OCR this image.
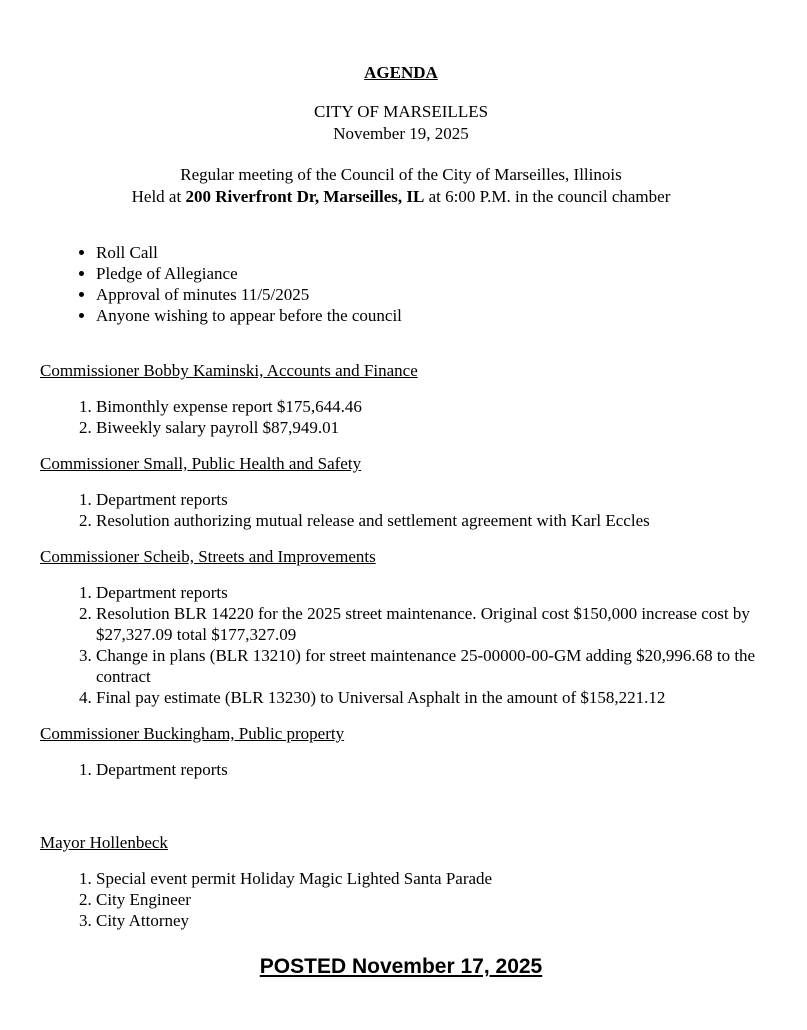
AGENDA

CITY OF MARSEILLES

November 19, 2025

Regular meeting of the Council of the City of Marseilles, Illinois

Held at 200 Riverfront Dr, Marseilles, IL at 6:00 P.M. in the council chamber

• Roll Call
• Pledge of Allegiance
• Approval of minutes 11/5/2025
• Anyone wishing to appear before the council
Commissioner Bobby Kaminski, Accounts and Finance
1. Bimonthly expense report $175,644.46
2. Biweekly salary payroll $87,949.01
Commissioner Small, Public Health and Safety
1. Department reports
2. Resolution authorizing mutual release and settlement agreement with Karl Eccles
Commissioner Scheib, Streets and Improvements
1. Department reports
2. Resolution BLR 14220 for the 2025 street maintenance. Original cost $150,000 increase cost by $27,327.09 total $177,327.09
3. Change in plans (BLR 13210) for street maintenance 25-00000-00-GM adding $20,996.68 to the contract
4. Final pay estimate (BLR 13230) to Universal Asphalt in the amount of $158,221.12
Commissioner Buckingham, Public property
1. Department reports
Mayor Hollenbeck
1. Special event permit Holiday Magic Lighted Santa Parade
2. City Engineer
3. City Attorney

POSTED November 17, 2025
